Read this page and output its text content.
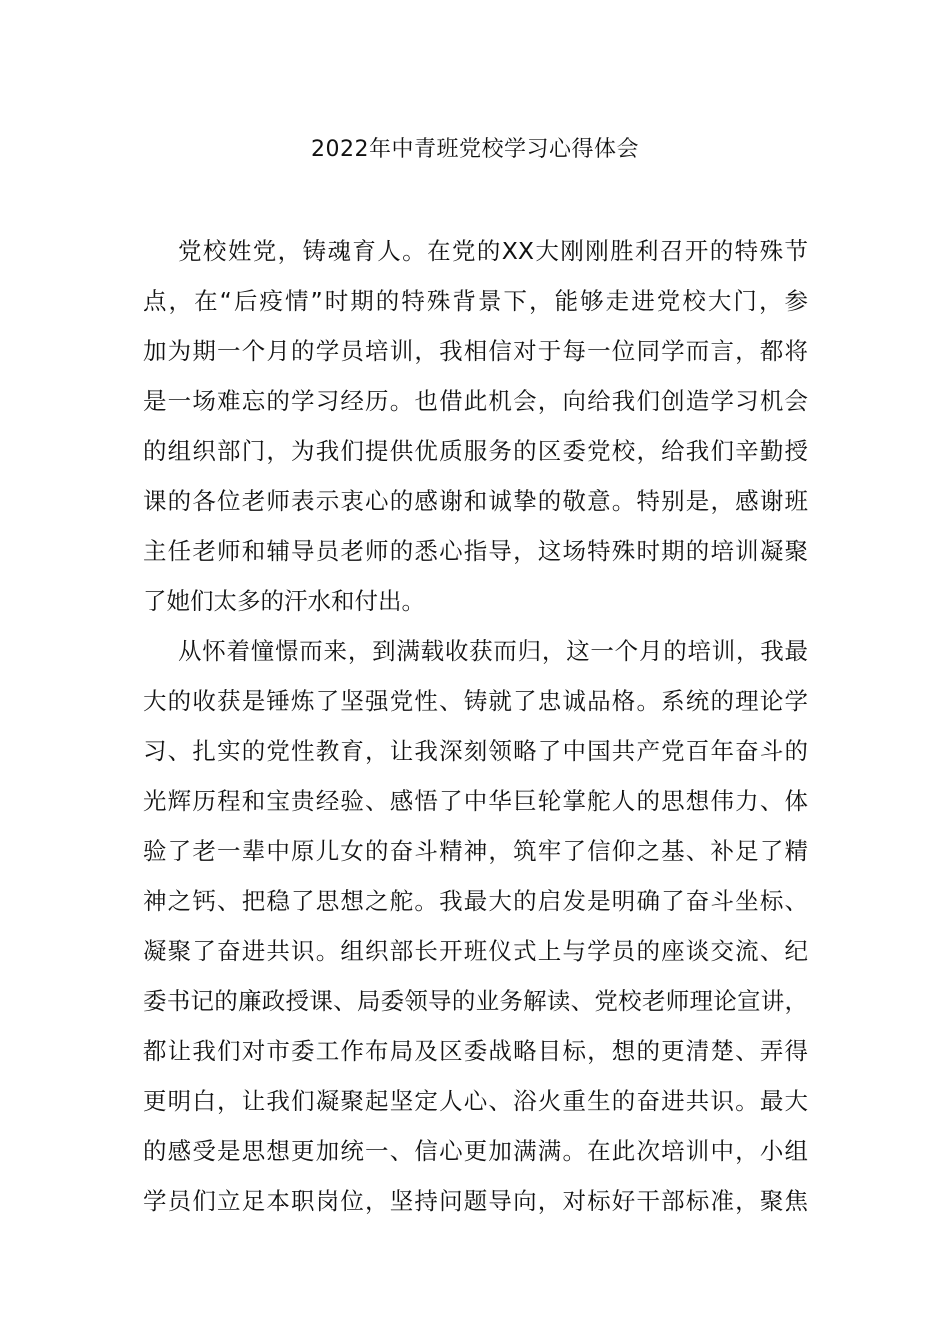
2022年中青班党校学习心得体会
党校姓党，铸魂育人。在党的XX大刚刚胜利召开的特殊节
点，在“后疫情”时期的特殊背景下，能够走进党校大门，参
加为期一个月的学员培训，我相信对于每一位同学而言，都将
是一场难忘的学习经历。也借此机会，向给我们创造学习机会
的组织部门，为我们提供优质服务的区委党校，给我们辛勤授
课的各位老师表示衷心的感谢和诚挚的敬意。特别是，感谢班
主任老师和辅导员老师的悉心指导，这场特殊时期的培训凝聚
了她们太多的汗水和付出。
从怀着憧憬而来，到满载收获而归，这一个月的培训，我最
大的收获是锤炼了坚强党性、铸就了忠诚品格。系统的理论学
习、扎实的党性教育，让我深刻领略了中国共产党百年奋斗的
光辉历程和宝贵经验、感悟了中华巨轮掌舵人的思想伟力、体
验了老一辈中原儿女的奋斗精神，筑牢了信仰之基、补足了精
神之钙、把稳了思想之舵。我最大的启发是明确了奋斗坐标、
凝聚了奋进共识。组织部长开班仪式上与学员的座谈交流、纪
委书记的廉政授课、局委领导的业务解读、党校老师理论宣讲，
都让我们对市委工作布局及区委战略目标，想的更清楚、弄得
更明白，让我们凝聚起坚定人心、浴火重生的奋进共识。最大
的感受是思想更加统一、信心更加满满。在此次培训中，小组
学员们立足本职岗位，坚持问题导向，对标好干部标准，聚焦
